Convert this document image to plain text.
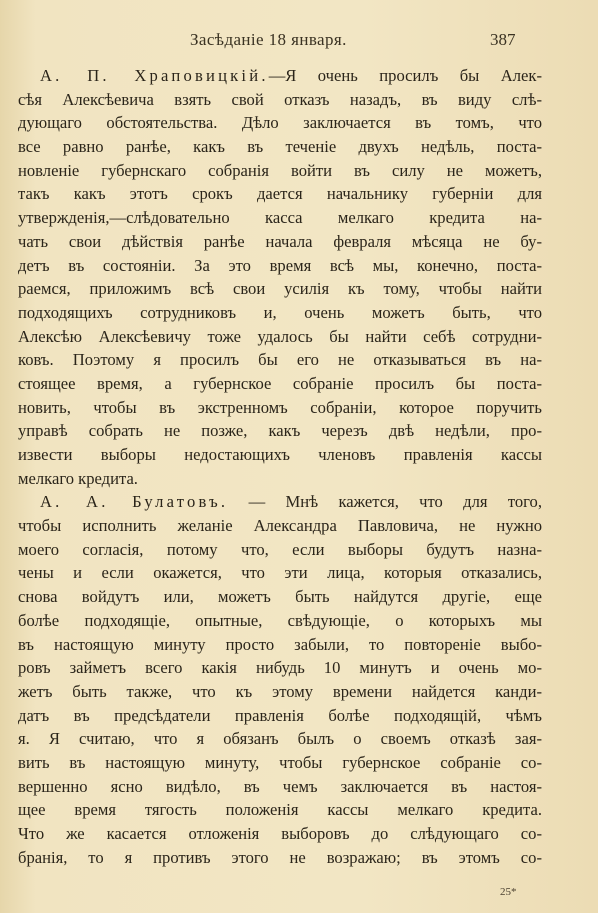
Засѣданіе 18 января.	387
А. П. Храповицкій.—Я очень просилъ бы Алек-
сѣя Алексѣевича взять свой отказъ назадъ, въ виду слѣ-
дующаго обстоятельства. Дѣло заключается въ томъ, что
все равно ранѣе, какъ въ теченіе двухъ недѣль, поста-
новленіе губернскаго собранія войти въ силу не можетъ,
такъ какъ этотъ срокъ дается начальнику губерніи для
утвержденія,—слѣдовательно касса мелкаго кредита на-
чать свои дѣйствія ранѣе начала февраля мѣсяца не бу-
детъ въ состояніи. За это время всѣ мы, конечно, поста-
раемся, приложимъ всѣ свои усилія къ тому, чтобы найти
подходящихъ сотрудниковъ и, очень можетъ быть, что
Алексѣю Алексѣевичу тоже удалось бы найти себѣ сотрудни-
ковъ. Поэтому я просилъ бы его не отказываться въ на-
стоящее время, а губернское собраніе просилъ бы поста-
новить, чтобы въ экстренномъ собраніи, которое поручить
управѣ собрать не позже, какъ черезъ двѣ недѣли, про-
извести выборы недостающихъ членовъ правленія кассы
мелкаго кредита.
А. А. Булатовъ. — Мнѣ кажется, что для того,
чтобы исполнить желаніе Александра Павловича, не нужно
моего согласія, потому что, если выборы будутъ назна-
чены и если окажется, что эти лица, которыя отказались,
снова войдутъ или, можетъ быть найдутся другіе, еще
болѣе подходящіе, опытные, свѣдующіе, о которыхъ мы
въ настоящую минуту просто забыли, то повтореніе выбо-
ровъ займетъ всего какія нибудь 10 минутъ и очень мо-
жетъ быть также, что къ этому времени найдется канди-
датъ въ предсѣдатели правленія болѣе подходящій, чѣмъ
я. Я считаю, что я обязанъ былъ о своемъ отказѣ зая-
вить въ настоящую минуту, чтобы губернское собраніе со-
вершенно ясно видѣло, въ чемъ заключается въ настоя-
щее время тягость положенія кассы мелкаго кредита.
Что же касается отложенія выборовъ до слѣдующаго со-
бранія, то я противъ этого не возражаю; въ этомъ со-
25*
